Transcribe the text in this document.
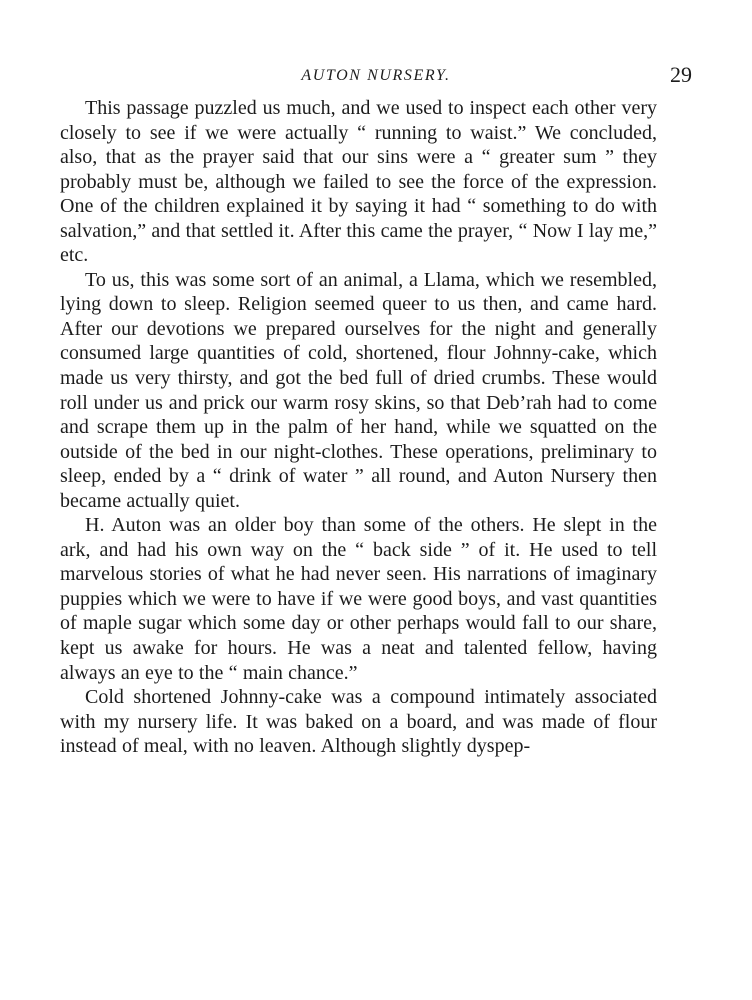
AUTON NURSERY.	29

This passage puzzled us much, and we used to inspect each other very closely to see if we were actually “ running to waist.” We concluded, also, that as the prayer said that our sins were a “ greater sum ” they probably must be, although we failed to see the force of the expression. One of the children explained it by saying it had “ something to do with salvation,” and that settled it. After this came the prayer, “ Now I lay me,” etc.

To us, this was some sort of an animal, a Llama, which we resembled, lying down to sleep. Religion seemed queer to us then, and came hard. After our devotions we prepared ourselves for the night and generally consumed large quantities of cold, shortened, flour Johnny-cake, which made us very thirsty, and got the bed full of dried crumbs. These would roll under us and prick our warm rosy skins, so that Deb’rah had to come and scrape them up in the palm of her hand, while we squatted on the outside of the bed in our night-clothes. These operations, preliminary to sleep, ended by a “ drink of water ” all round, and Auton Nursery then became actually quiet.

H. Auton was an older boy than some of the others. He slept in the ark, and had his own way on the “ back side ” of it. He used to tell marvelous stories of what he had never seen. His narrations of imaginary puppies which we were to have if we were good boys, and vast quantities of maple sugar which some day or other perhaps would fall to our share, kept us awake for hours. He was a neat and talented fellow, having always an eye to the “ main chance.”

Cold shortened Johnny-cake was a compound intimately associated with my nursery life. It was baked on a board, and was made of flour instead of meal, with no leaven. Although slightly dyspep-
